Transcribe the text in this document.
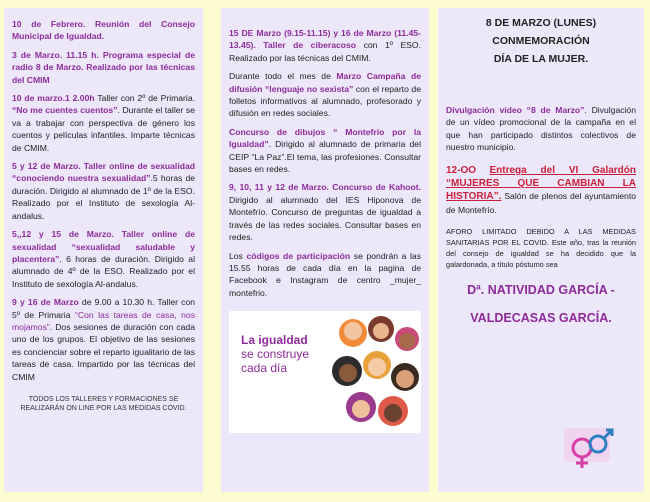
10 de Febrero. Reunión del Consejo Municipal de Igualdad.

3 de Marzo. 11.15 h. Programa especial de radio 8 de Marzo. Realizado por las técnicas del CMIM

10 de marzo.1 2.00h Taller con 2º de Primaria. “No me cuentes cuentos”. Durante el taller se va a trabajar con perspectiva de género los cuentos y películas infantiles. Imparte técnicas de CMIM.

5 y 12 de Marzo. Taller online de sexualidad “conociendo nuestra sexualidad”.5 horas de duración. Dirigido al alumnado de 1º de la ESO. Realizado por el Instituto de sexología Al-andalus.

5,,12 y 15 de Marzo. Taller online de sexualidad “sexualidad saludable y placentera”. 6 horas de duración. Dirigido al alumnado de 4º de la ESO. Realizado por el Instituto de sexología Al-andalus.

9 y 16 de Marzo de 9.00 a 10.30 h. Taller con 5º de Primaria “Con las tareas de casa, nos mojamos”. Dos sesiones de duración con cada uno de los grupos. El objetivo de las sesiones es concienciar sobre el reparto igualitario de las tareas de casa. Impartido por las técnicas del CMIM

TODOS LOS TALLERES Y FORMACIONES SE REALIZARÁN ON LINE POR LAS MEDIDAS COVID.

15 DE Marzo (9.15-11.15) y 16 de Marzo (11.45-13.45). Taller de ciberacoso con 1º ESO. Realizado por las técnicas del CMIM.

Durante todo el mes de Marzo Campaña de difusión “lenguaje no sexista” con el reparto de folletos informativos al alumnado, profesorado y difusión en redes sociales.

Concurso de dibujos “ Montefrío por la Igualdad”. Dirigido al alumnado de primaria del CEIP “La Paz”.El tema, las profesiones. Consultar bases en redes.

9, 10, 11 y 12 de Marzo. Concurso de Kahoot. Dirigido al alumnado del IES Hiponova de Montefrío. Concurso de preguntas de igualdad a través de las redes sociales. Consultar bases en redes.

Los códigos de participación se pondrán a las 15.55 horas de cada día en la pagina de Facebook e Instagram de centro _mujer_ montefrio.

La igualdad
se construye
cada día
8 DE MARZO (LUNES)
CONMEMORACIÓN
DÍA DE LA MUJER.

Divulgación vídeo “8 de Marzo”. Divulgación de un vídeo promocional de la campaña en el que han participado distintos colectivos de nuestro municipio.

12-OO Entrega del VI Galardón “MUJERES QUE CAMBIAN LA HISTORIA”. Salón de plenos del ayuntamiento de Montefrío.

AFORO LIMITADO DEBIDO A LAS MEDIDAS SANITARIAS POR EL COVID. Este año, tras la reunión del consejo de igualdad se ha decidido que la galardonada, a título póstumo sea

Dª. NATIVIDAD GARCÍA -
VALDECASAS GARCÍA.
